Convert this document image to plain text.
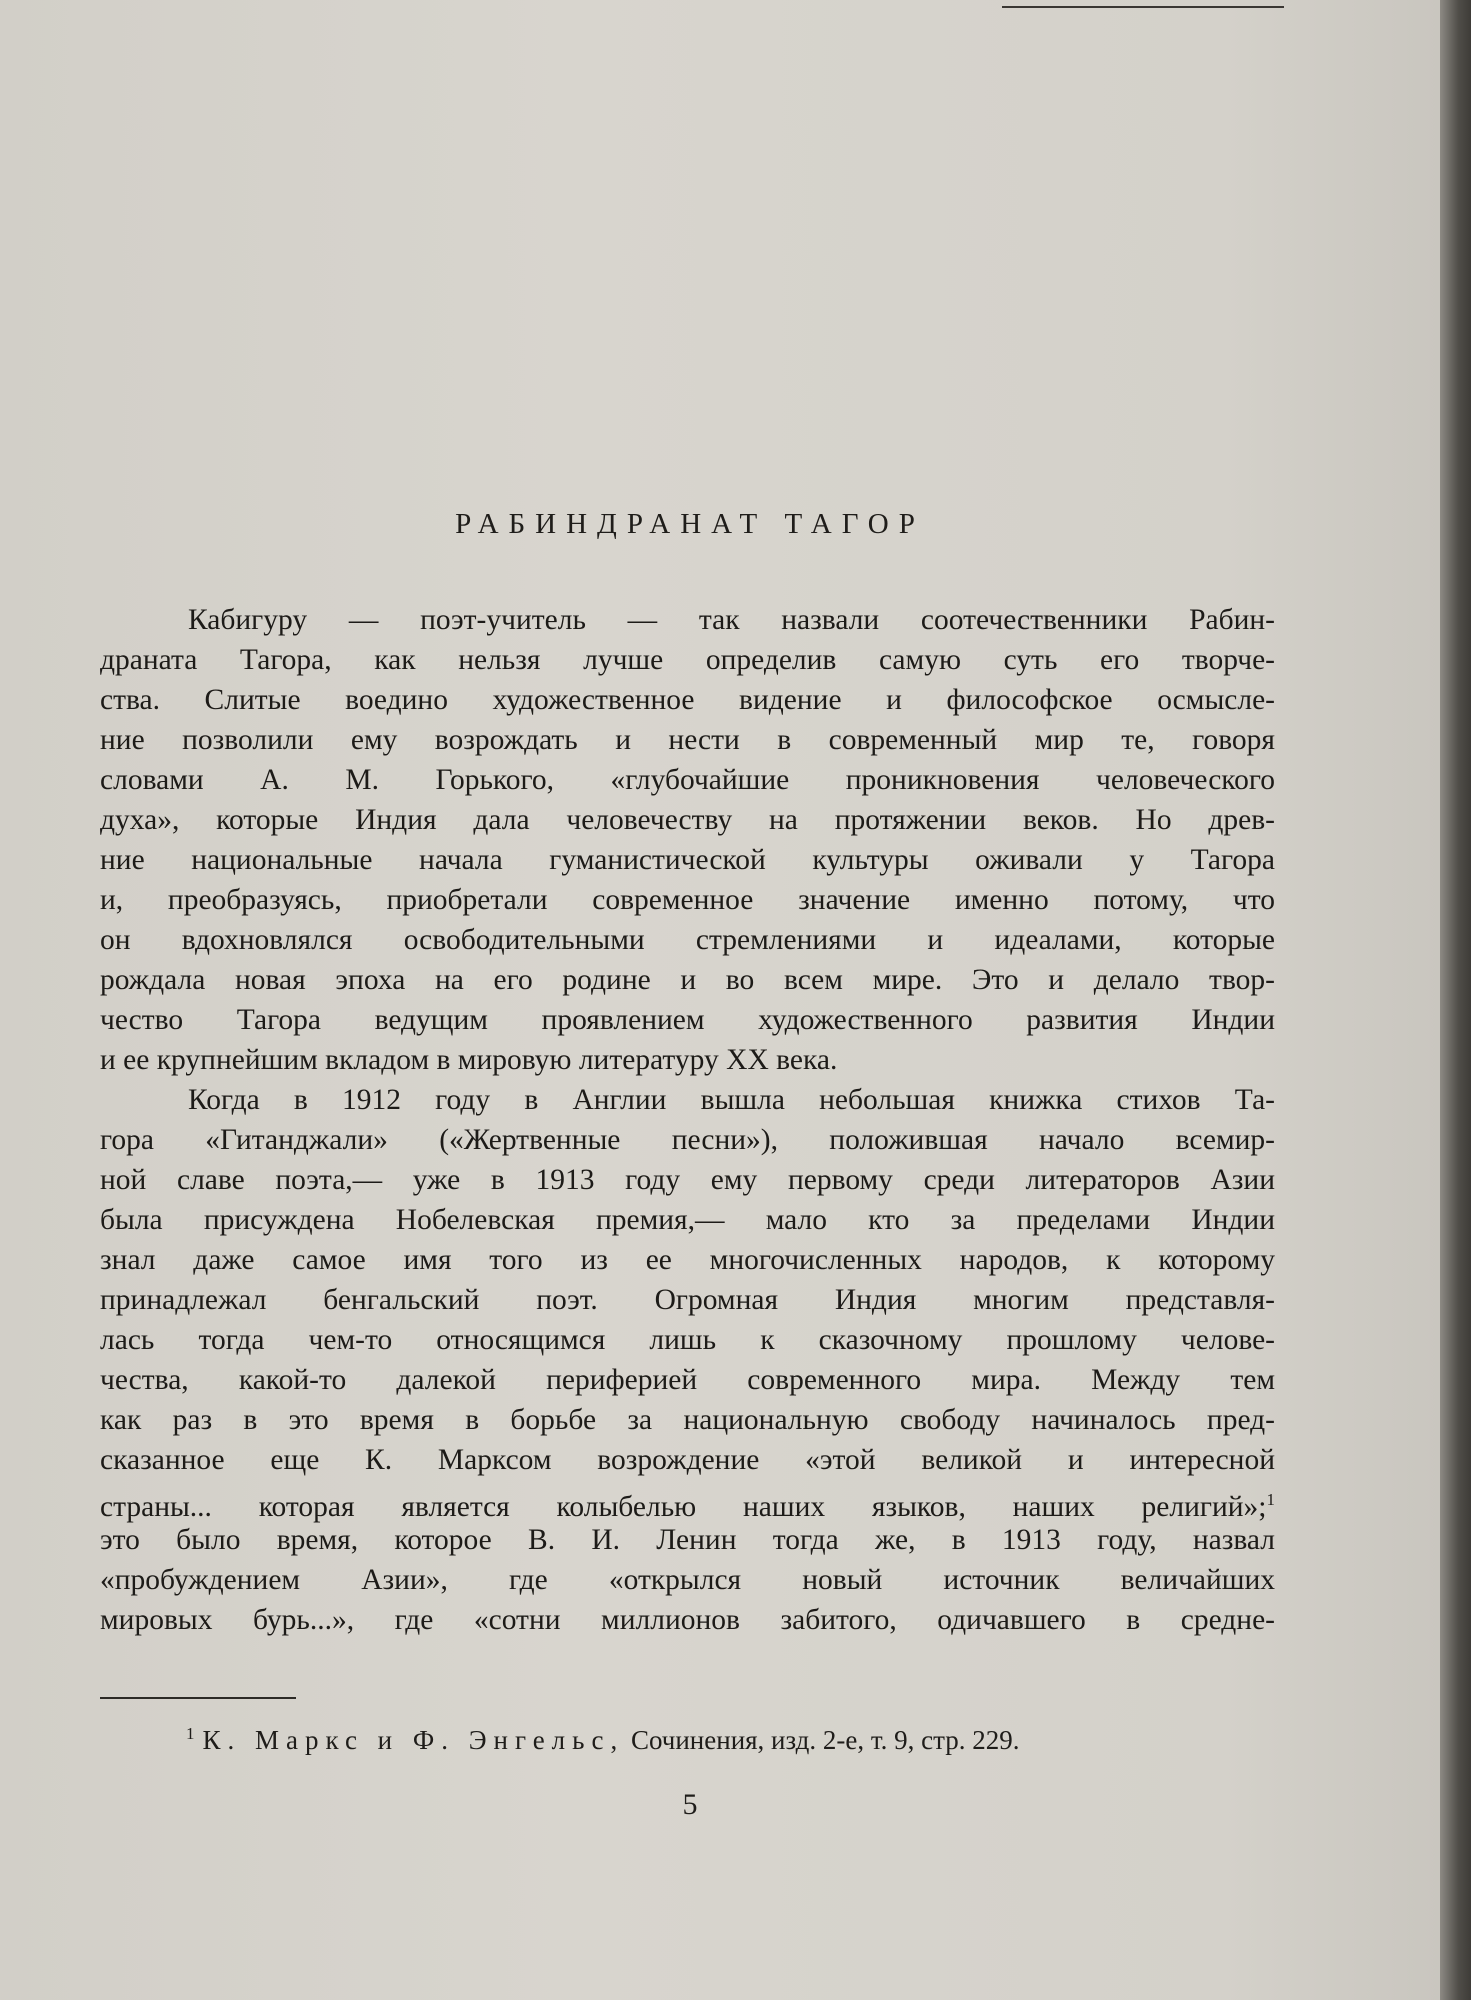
РАБИНДРАНАТ ТАГОР
Кабигуру — поэт-учитель — так назвали соотечественники Рабин-
драната Тагора, как нельзя лучше определив самую суть его творче-
ства. Слитые воедино художественное видение и философское осмысле-
ние позволили ему возрождать и нести в современный мир те, говоря
словами А. М. Горького, «глубочайшие проникновения человеческого
духа», которые Индия дала человечеству на протяжении веков. Но древ-
ние национальные начала гуманистической культуры оживали у Тагора
и, преобразуясь, приобретали современное значение именно потому, что
он вдохновлялся освободительными стремлениями и идеалами, которые
рождала новая эпоха на его родине и во всем мире. Это и делало твор-
чество Тагора ведущим проявлением художественного развития Индии
и ее крупнейшим вкладом в мировую литературу XX века.
Когда в 1912 году в Англии вышла небольшая книжка стихов Та-
гора «Гитанджали» («Жертвенные песни»), положившая начало всемир-
ной славе поэта,— уже в 1913 году ему первому среди литераторов Азии
была присуждена Нобелевская премия,— мало кто за пределами Индии
знал даже самое имя того из ее многочисленных народов, к которому
принадлежал бенгальский поэт. Огромная Индия многим представля-
лась тогда чем-то относящимся лишь к сказочному прошлому челове-
чества, какой-то далекой периферией современного мира. Между тем
как раз в это время в борьбе за национальную свободу начиналось пред-
сказанное еще К. Марксом возрождение «этой великой и интересной
страны... которая является колыбелью наших языков, наших религий»;$^1$
это было время, которое В. И. Ленин тогда же, в 1913 году, назвал
«пробуждением Азии», где «открылся новый источник величайших
мировых бурь...», где «сотни миллионов забитого, одичавшего в средне-
$^1$ К. Маркс и Ф. Энгельс, Сочинения, изд. 2-е, т. 9, стр. 229.
5
